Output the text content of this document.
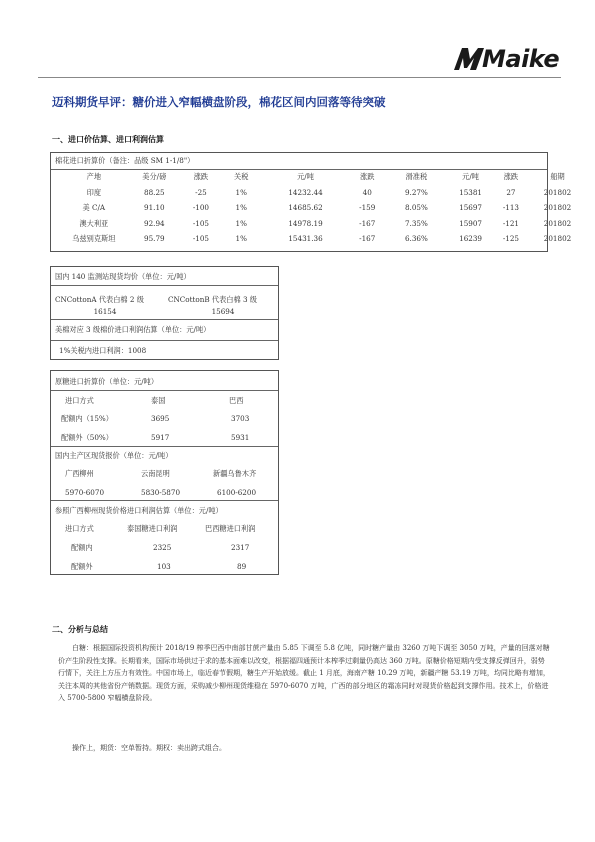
Maike
迈科期货早评：糖价进入窄幅横盘阶段，棉花区间内回落等待突破
一、进口价估算、进口利润估算
棉花进口折算价（备注：品级 SM 1-1/8"）
产地	美分/磅	涨跌	关税	元/吨	涨跌	滑准税	元/吨	涨跌	船期
印度	88.25	-25	1%	14232.44	40	9.27%	15381	27	201802
美 C/A	91.10	-100	1%	14685.62	-159	8.05%	15697	-113	201802
澳大利亚	92.94	-105	1%	14978.19	-167	7.35%	15907	-121	201802
乌兹别克斯坦	95.79	-105	1%	15431.36	-167	6.36%	16239	-125	201802
国内 140 监测站现货均价（单位：元/吨）
CNCottonA 代表白棉 2 级	CNCottonB 代表白棉 3 级
16154	15694
美棉对应 3 级棉价进口利润估算（单位：元/吨）
1%关税内进口利润：1008
原糖进口折算价（单位：元/吨）
进口方式	泰国	巴西
配额内（15%）	3695	3703
配额外（50%）	5917	5931
国内主产区现货报价（单位：元/吨）
广西柳州	云南昆明	新疆乌鲁木齐
5970-6070	5830-5870	6100-6200
参照广西柳州现货价格进口利润估算（单位：元/吨）
进口方式	泰国糖进口利润	巴西糖进口利润
配额内	2325	2317
配额外	103	89
二、分析与总结
白糖：根据国际投资机构预计 2018/19 榨季巴西中南部甘蔗产量由 5.85 下调至 5.8 亿吨，同时糖产量由 3260 万吨下调至 3050 万吨，产量的回落对糖价产生阶段性支撑。长期看来，国际市场供过于求的基本面难以改变，根据福四通预计本榨季过剩量仍高达 360 万吨。原糖价格短期内受支撑反弹回升，弱势行情下，关注上方压力有效性。中国市场上，临近春节假期，糖生产开始放缓。截止 1 月底，海南产糖 10.29 万吨，新疆产糖 53.19 万吨，均同比略有增加，关注本周的其他省份产销数据。现货方面，采购减少柳州现货维稳在 5970-6070 万吨，广西的部分地区的霜冻同时对现货价格起到支撑作用。技术上，价格进入 5700-5800 窄幅横盘阶段。
操作上，期货：空单暂持。期权：卖出跨式组合。
